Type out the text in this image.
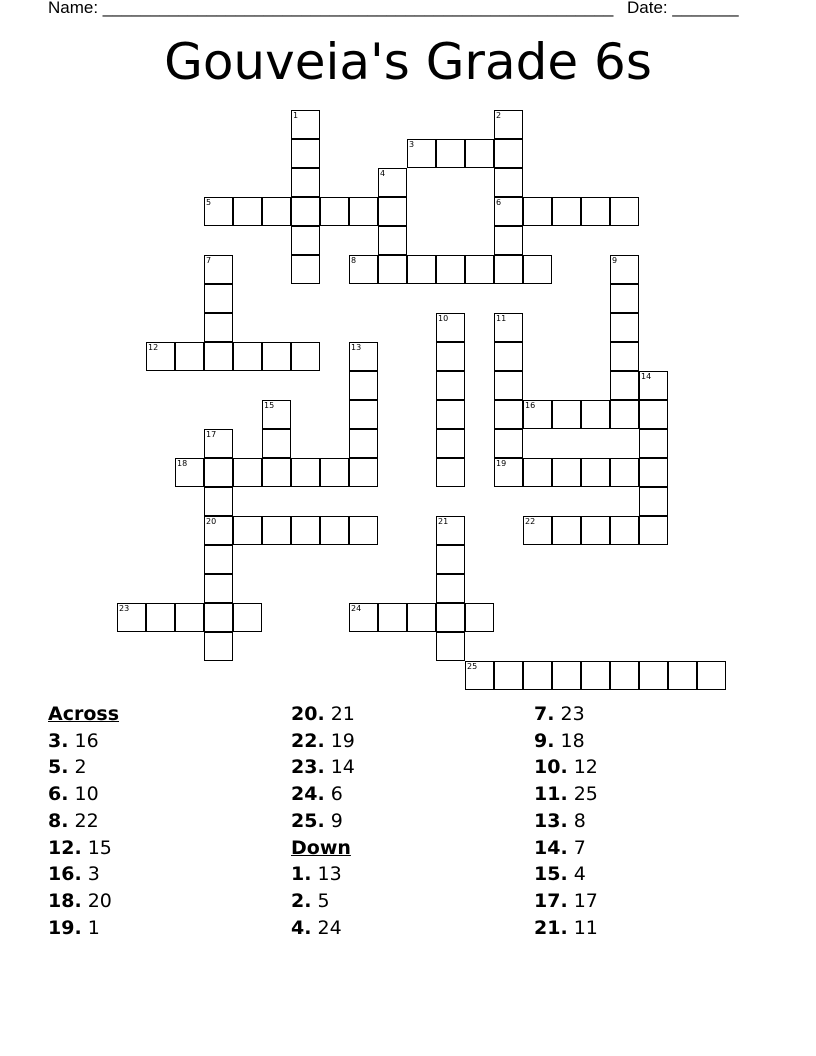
Name: ______________________________________________________ Date: _______
Gouveia's Grade 6s
1	2
6
3
4
5
7	8	9
10	11
19
12	13
14
15	16
17
20
18
21	22
23	24
25
Across
3. 16
5. 2
6. 10
8. 22
12. 15
16. 3
18. 20
19. 1
20. 21
22. 19
23. 14
24. 6
25. 9
Down
1. 13
2. 5
4. 24
7. 23
9. 18
10. 12
11. 25
13. 8
14. 7
15. 4
17. 17
21. 11
